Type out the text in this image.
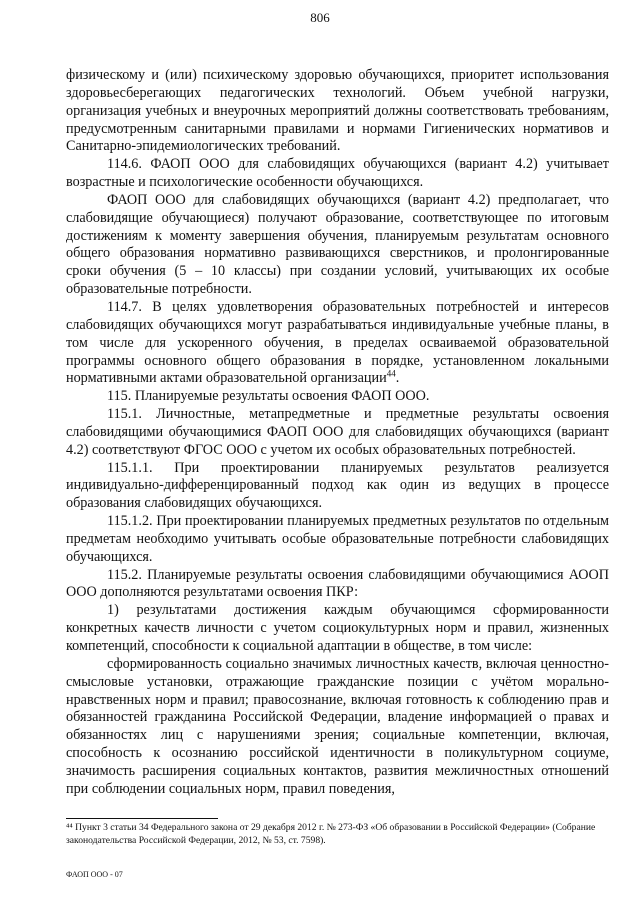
806

физическому и (или) психическому здоровью обучающихся, приоритет использования здоровьесберегающих педагогических технологий. Объем учебной нагрузки, организация учебных и внеурочных мероприятий должны соответствовать требованиям, предусмотренным санитарными правилами и нормами Гигиенических нормативов и Санитарно-эпидемиологических требований.

114.6. ФАОП ООО для слабовидящих обучающихся (вариант 4.2) учитывает возрастные и психологические особенности обучающихся.

ФАОП ООО для слабовидящих обучающихся (вариант 4.2) предполагает, что слабовидящие обучающиеся) получают образование, соответствующее по итоговым достижениям к моменту завершения обучения, планируемым результатам основного общего образования нормативно развивающихся сверстников, и пролонгированные сроки обучения (5 – 10 классы) при создании условий, учитывающих их особые образовательные потребности.

114.7. В целях удовлетворения образовательных потребностей и интересов слабовидящих обучающихся могут разрабатываться индивидуальные учебные планы, в том числе для ускоренного обучения, в пределах осваиваемой образовательной программы основного общего образования в порядке, установленном локальными нормативными актами образовательной организации$^{44}$.

115. Планируемые результаты освоения ФАОП ООО.

115.1. Личностные, метапредметные и предметные результаты освоения слабовидящими обучающимися ФАОП ООО для слабовидящих обучающихся (вариант 4.2) соответствуют ФГОС ООО с учетом их особых образовательных потребностей.

115.1.1. При проектировании планируемых результатов реализуется индивидуально-дифференцированный подход как один из ведущих в процессе образования слабовидящих обучающихся.

115.1.2. При проектировании планируемых предметных результатов по отдельным предметам необходимо учитывать особые образовательные потребности слабовидящих обучающихся.

115.2. Планируемые результаты освоения слабовидящими обучающимися АООП ООО дополняются результатами освоения ПКР:

1) результатами достижения каждым обучающимся сформированности конкретных качеств личности с учетом социокультурных норм и правил, жизненных компетенций, способности к социальной адаптации в обществе, в том числе:

сформированность социально значимых личностных качеств, включая ценностно-смысловые установки, отражающие гражданские позиции с учётом морально-нравственных норм и правил; правосознание, включая готовность к соблюдению прав и обязанностей гражданина Российской Федерации, владение информацией о правах и обязанностях лиц с нарушениями зрения; социальные компетенции, включая, способность к осознанию российской идентичности в поликультурном социуме, значимость расширения социальных контактов, развития межличностных отношений при соблюдении социальных норм, правил поведения,

⁴⁴ Пункт 3 статьи 34 Федерального закона от 29 декабря 2012 г. № 273-ФЗ «Об образовании в Российской Федерации» (Собрание законодательства Российской Федерации, 2012, № 53, ст. 7598).
ФАОП ООО - 07
